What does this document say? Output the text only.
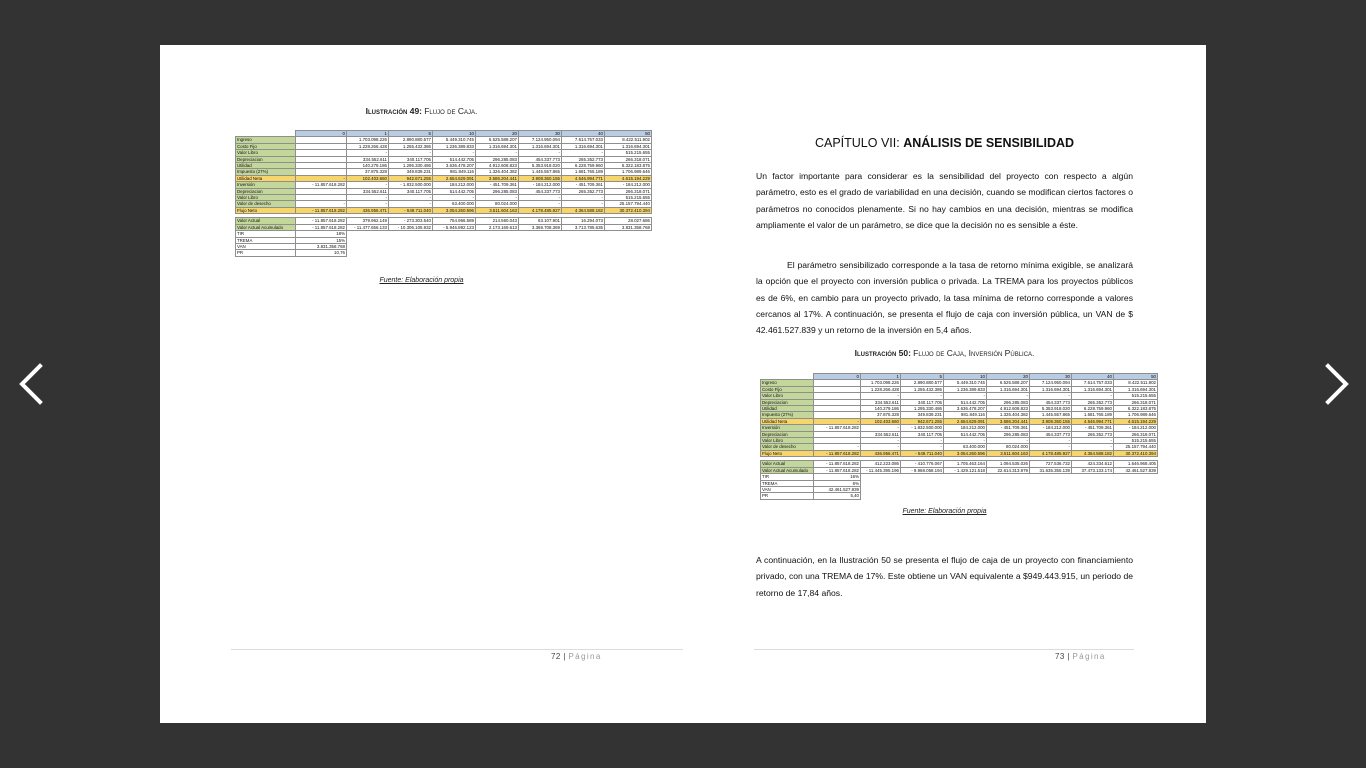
Ilustración 49: Flujo de Caja.
	0	1	5	10	20	30	40	50
Ingreso		1.703.098.226	2.890.880.577	5.449.310.745	6.525.588.207	7.124.950.094	7.614.757.033	8.422.511.902
Costo Fijo		1.228.266.428	1.255.432.386	1.236.389.833	1.316.694.301	1.316.694.301	1.316.694.301	1.316.694.301
Valor Libro		-	-	-	-	-	-	515.215.655
Depreciacion		334.552.611	340.117.705	514.442.705	296.285.083	454.337.773	265.352.773	266.318.071
Utilidad		140.279.186	1.295.330.486	3.636.478.207	4.912.608.823	5.353.918.020	6.228.759.960	6.322.183.875
Impuesto (27%)		37.875.328	349.839.231	981.849.116	1.326.404.382	1.445.557.865	1.681.765.189	1.706.989.646
Utilidad Neta	-	102.403.660	942.671.255	2.654.629.091	3.586.204.441	3.908.360.155	4.546.994.771	4.615.194.229
Inversión	- 11.857.618.282	-	- 1.832.500.000	184.212.000	- 451.709.361	- 184.212.000	- 451.709.361	- 184.212.000
Depreciacion		334.552.611	340.117.705	514.442.705	296.285.083	454.337.773	265.352.773	266.318.071
Valor Libro		-	-	-	-	-	-	515.215.655
Valor de desecho	-	-	-	63.400.000	80.024.000	-	-	25.157.794.440
Flujo Neto	- 11.857.618.282	436.956.471	- 549.711.040	3.054.260.596	3.511.604.163	4.178.485.927	4.364.588.182	30.372.410.394

Valor Actual	- 11.857.618.282	379.962.149	- 273.303.540	754.966.589	214.560.043	63.107.901	16.294.073	28.027.686
Valor Actual Acumulado	- 11.857.618.282	- 11.477.656.133	- 10.306.105.932	- 5.946.892.123	2.173.169.613	3.369.708.369	3.713.785.635	3.831.358.768
TIR	18%							
TREMA	15%							
VAN	3.831.358.768							
PR	10,76							
Fuente: Elaboración propia
72 | Página
CAPÍTULO VII: ANÁLISIS DE SENSIBILIDAD

Un factor importante para considerar es la sensibilidad del proyecto con respecto a algún parámetro, esto es el grado de variabilidad en una decisión, cuando se modifican ciertos factores o parámetros no conocidos plenamente. Si no hay cambios en una decisión, mientras se modifica ampliamente el valor de un parámetro, se dice que la decisión no es sensible a éste.

El parámetro sensibilizado corresponde a la tasa de retorno mínima exigible, se analizará la opción que el proyecto con inversión publica o privada. La TREMA para los proyectos públicos es de 6%, en cambio para un proyecto privado, la tasa mínima de retorno corresponde a valores cercanos al 17%. A continuación, se presenta el flujo de caja con inversión pública, un VAN de $ 42.461.527.839 y un retorno de la inversión en 5,4 años.

Ilustración 50: Flujo de Caja, Inversión Pública.
	0	1	5	10	20	30	40	50
Ingreso		1.703.098.226	2.890.880.577	5.449.310.745	6.525.588.207	7.124.950.094	7.614.757.033	8.422.511.902
Costo Fijo		1.228.266.428	1.255.432.386	1.236.389.833	1.316.694.301	1.316.694.301	1.316.694.301	1.316.694.301
Valor Libro		-	-	-	-	-	-	515.215.655
Depreciacion		334.552.611	340.117.705	514.442.705	296.285.083	454.337.773	265.352.773	266.318.071
Utilidad		140.279.186	1.295.330.486	3.636.478.207	4.912.608.823	5.353.918.020	6.228.759.960	6.322.183.875
Impuesto (27%)		37.875.328	349.839.231	981.849.116	1.326.404.382	1.445.557.865	1.681.765.189	1.706.989.646
Utilidad Neta	-	102.403.660	942.671.255	2.654.629.091	3.586.204.441	3.908.360.155	4.546.994.771	4.615.194.229
Inversión	- 11.857.618.282	-	- 1.832.500.000	184.212.000	- 451.709.361	- 184.212.000	- 451.709.361	- 184.212.000
Depreciacion		334.552.611	340.117.705	514.442.705	296.285.083	454.337.773	265.352.773	266.318.071
Valor Libro		-	-	-	-	-	-	515.215.655
Valor de desecho	-	-	-	63.400.000	80.024.000	-	-	25.157.794.440
Flujo Neto	- 11.857.618.282	436.956.471	- 549.711.040	3.054.260.596	3.511.604.163	4.178.485.927	4.364.588.182	30.372.410.394

Valor Actual	- 11.857.618.282	412.223.086	- 410.776.067	1.705.463.164	1.094.535.026	727.536.732	424.334.612	1.646.968.405
Valor Actual Acumulado	- 11.857.618.282	- 11.445.395.196	- 9.968.058.194	- 1.429.121.518	22.614.313.979	31.635.355.139	37.473.133.174	42.461.527.839
TIR	16%							
TREMA	6%							
VAN	42.461.527.839							
PR	5,40							
Fuente: Elaboración propia

A continuación, en la Ilustración 50 se presenta el flujo de caja de un proyecto con financiamiento privado, con una TREMA de 17%. Este obtiene un VAN equivalente a $949.443.915, un periodo de retorno de 17,84 años.

73 | Página
